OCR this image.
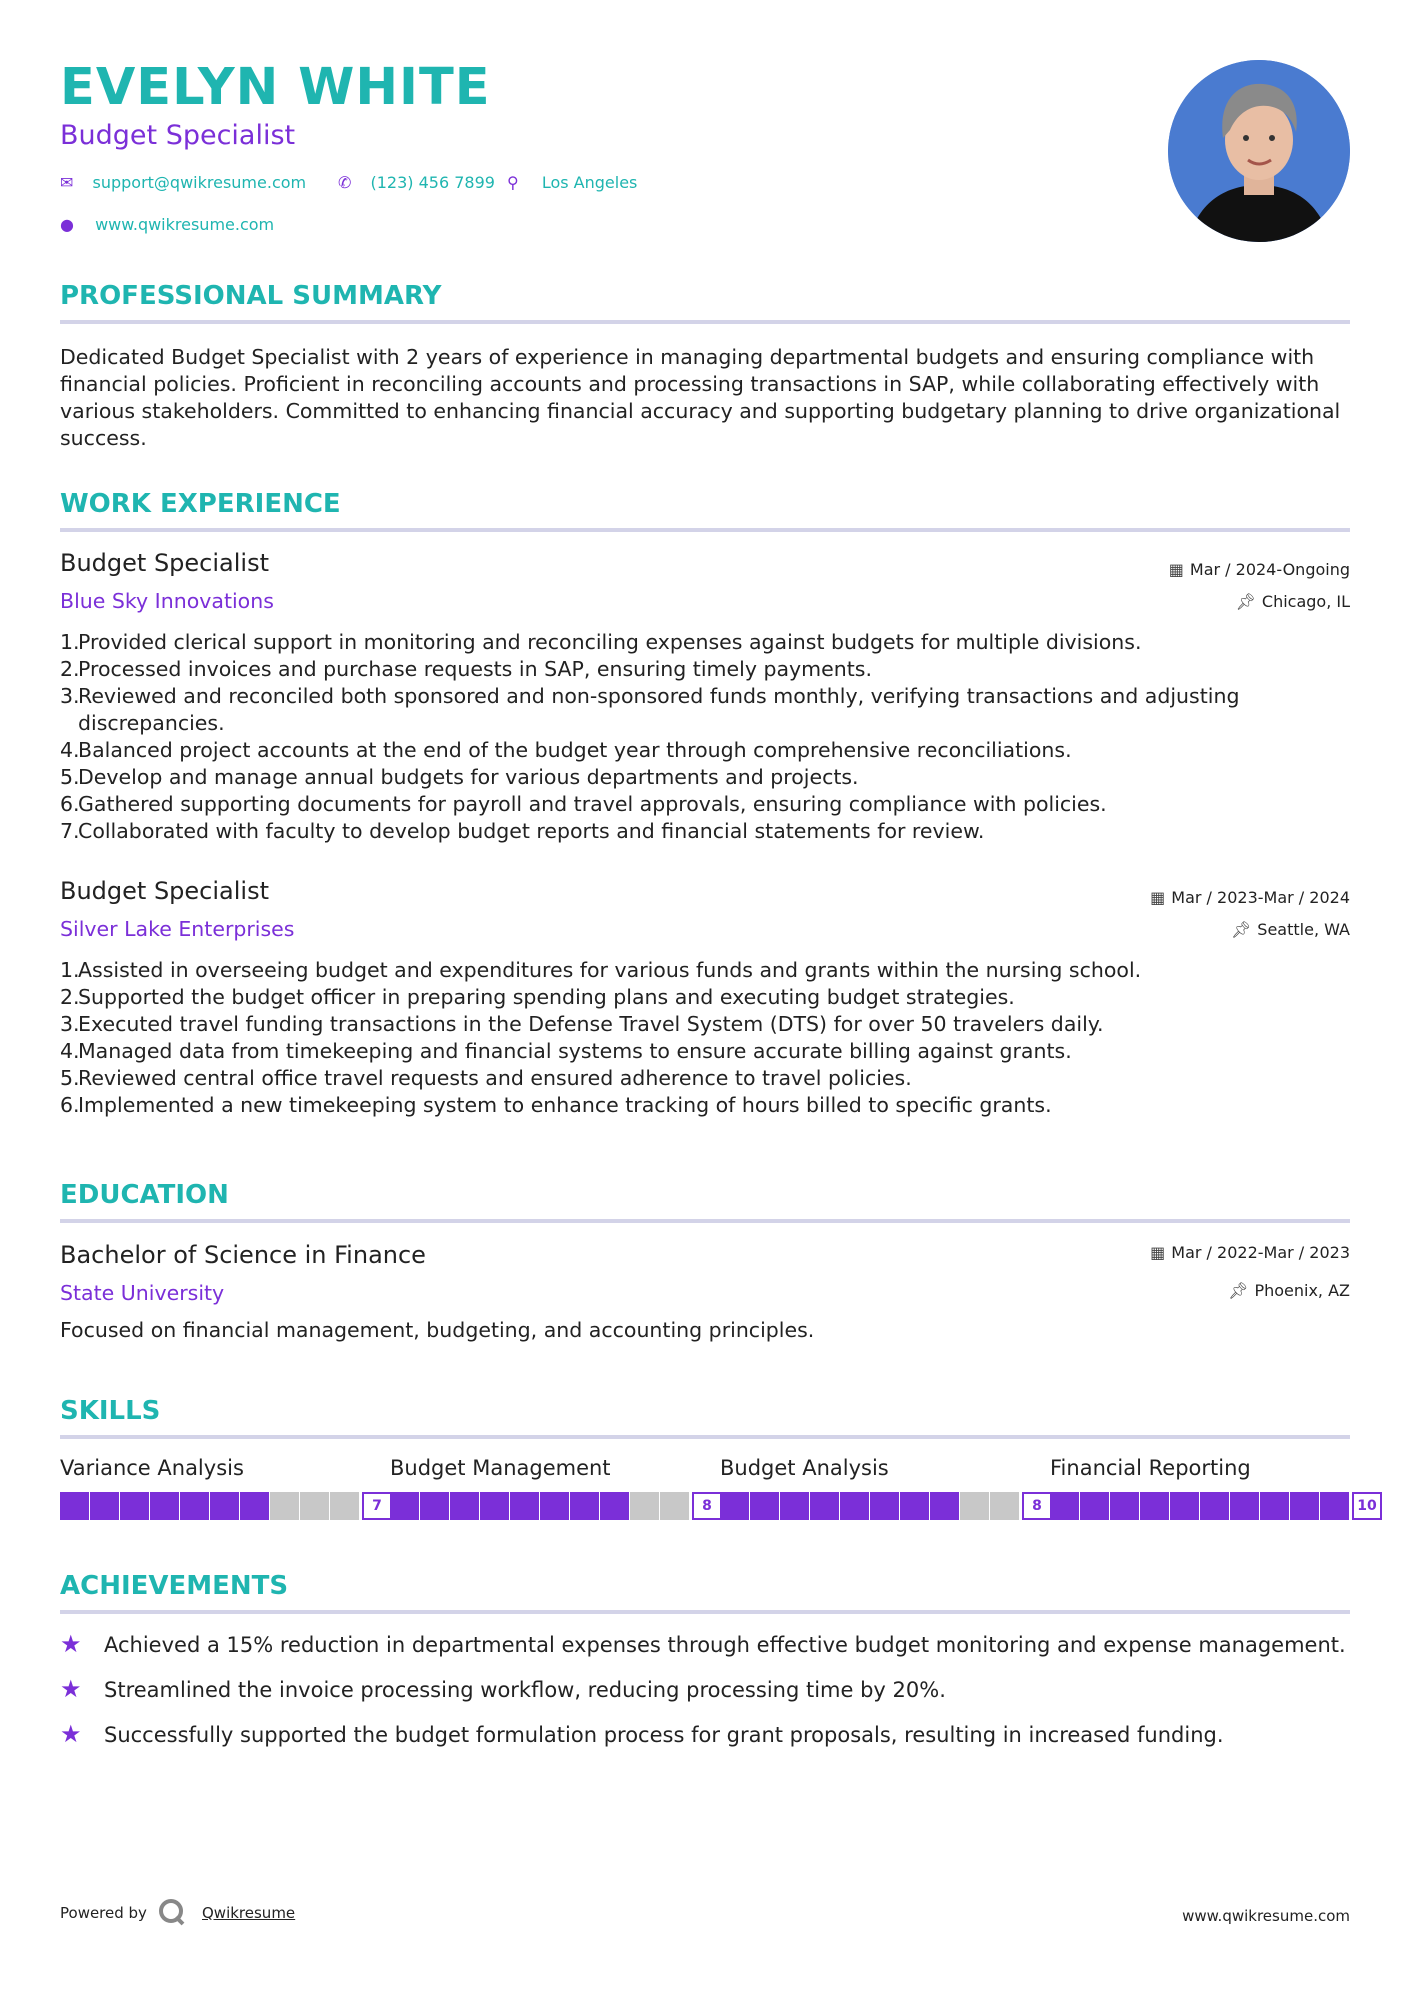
EVELYN WHITE
Budget Specialist
✉ support@qwikresume.com ✆ (123) 456 7899 ⚲ Los Angeles
● www.qwikresume.com
PROFESSIONAL SUMMARY
Dedicated Budget Specialist with 2 years of experience in managing departmental budgets and ensuring compliance with financial policies. Proficient in reconciling accounts and processing transactions in SAP, while collaborating effectively with various stakeholders. Committed to enhancing financial accuracy and supporting budgetary planning to drive organizational success.
WORK EXPERIENCE
Budget Specialist
Blue Sky Innovations
▦ Mar / 2024-Ongoing
📌︎ Chicago, IL
1.
Provided clerical support in monitoring and reconciling expenses against budgets for multiple divisions.
2.
Processed invoices and purchase requests in SAP, ensuring timely payments.
3.
Reviewed and reconciled both sponsored and non-sponsored funds monthly, verifying transactions and adjusting discrepancies.
4.
Balanced project accounts at the end of the budget year through comprehensive reconciliations.
5.
Develop and manage annual budgets for various departments and projects.
6.
Gathered supporting documents for payroll and travel approvals, ensuring compliance with policies.
7.
Collaborated with faculty to develop budget reports and financial statements for review.
Budget Specialist
Silver Lake Enterprises
▦ Mar / 2023-Mar / 2024
📌︎ Seattle, WA
1.
Assisted in overseeing budget and expenditures for various funds and grants within the nursing school.
2.
Supported the budget officer in preparing spending plans and executing budget strategies.
3.
Executed travel funding transactions in the Defense Travel System (DTS) for over 50 travelers daily.
4.
Managed data from timekeeping and financial systems to ensure accurate billing against grants.
5.
Reviewed central office travel requests and ensured adherence to travel policies.
6.
Implemented a new timekeeping system to enhance tracking of hours billed to specific grants.
EDUCATION
Bachelor of Science in Finance
State University
▦ Mar / 2022-Mar / 2023
📌︎ Phoenix, AZ
Focused on financial management, budgeting, and accounting principles.
SKILLS
Variance Analysis
7
Budget Management
8
Budget Analysis
8
Financial Reporting
10
ACHIEVEMENTS
★ Achieved a 15% reduction in departmental expenses through effective budget monitoring and expense management.
★ Streamlined the invoice processing workflow, reducing processing time by 20%.
★ Successfully supported the budget formulation process for grant proposals, resulting in increased funding.
Powered by	Qwikresume	www.qwikresume.com
